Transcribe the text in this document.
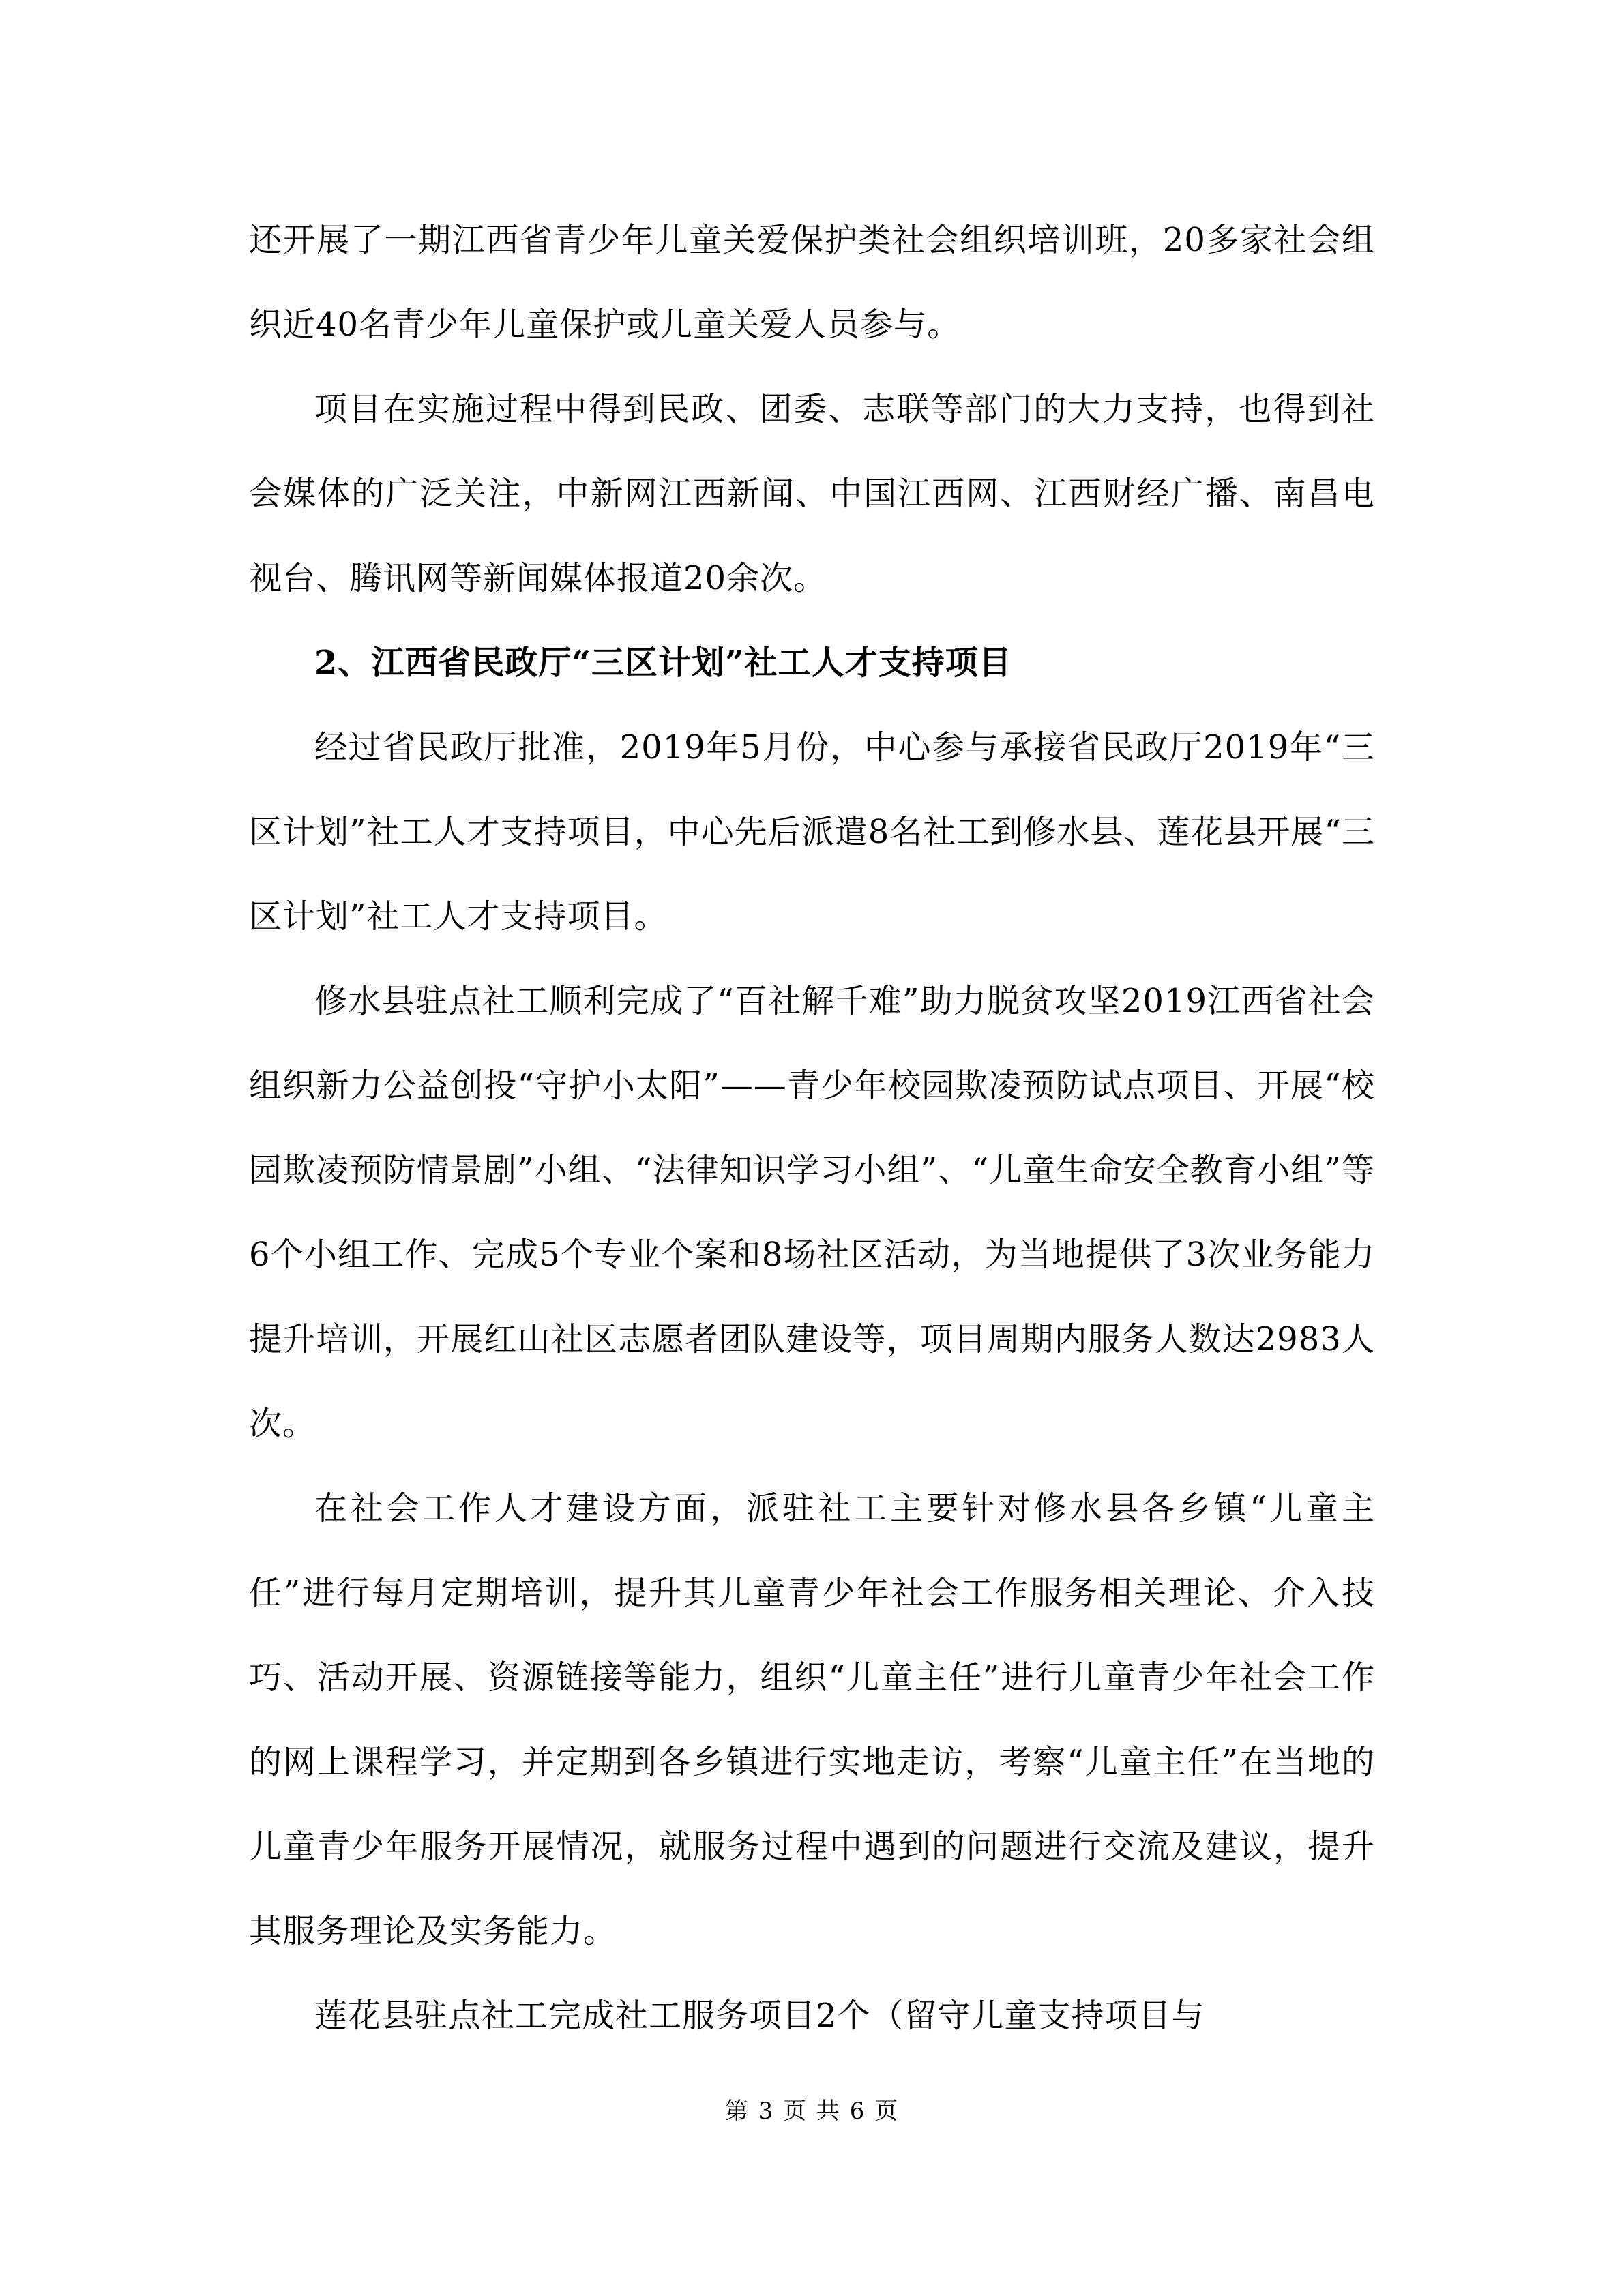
还开展了一期江西省青少年儿童关爱保护类社会组织培训班，20多家社会组织近40名青少年儿童保护或儿童关爱人员参与。

项目在实施过程中得到民政、团委、志联等部门的大力支持，也得到社会媒体的广泛关注，中新网江西新闻、中国江西网、江西财经广播、南昌电视台、腾讯网等新闻媒体报道20余次。

2、江西省民政厅“三区计划”社工人才支持项目

经过省民政厅批准，2019年5月份，中心参与承接省民政厅2019年“三区计划”社工人才支持项目，中心先后派遣8名社工到修水县、莲花县开展“三区计划”社工人才支持项目。

修水县驻点社工顺利完成了“百社解千难”助力脱贫攻坚2019江西省社会组织新力公益创投“守护小太阳”——青少年校园欺凌预防试点项目、开展“校园欺凌预防情景剧”小组、“法律知识学习小组”、“儿童生命安全教育小组”等6个小组工作、完成5个专业个案和8场社区活动，为当地提供了3次业务能力提升培训，开展红山社区志愿者团队建设等，项目周期内服务人数达2983人次。

在社会工作人才建设方面，派驻社工主要针对修水县各乡镇“儿童主任”进行每月定期培训，提升其儿童青少年社会工作服务相关理论、介入技巧、活动开展、资源链接等能力，组织“儿童主任”进行儿童青少年社会工作的网上课程学习，并定期到各乡镇进行实地走访，考察“儿童主任”在当地的儿童青少年服务开展情况，就服务过程中遇到的问题进行交流及建议，提升其服务理论及实务能力。

莲花县驻点社工完成社工服务项目2个（留守儿童支持项目与

第 3 页 共 6 页
